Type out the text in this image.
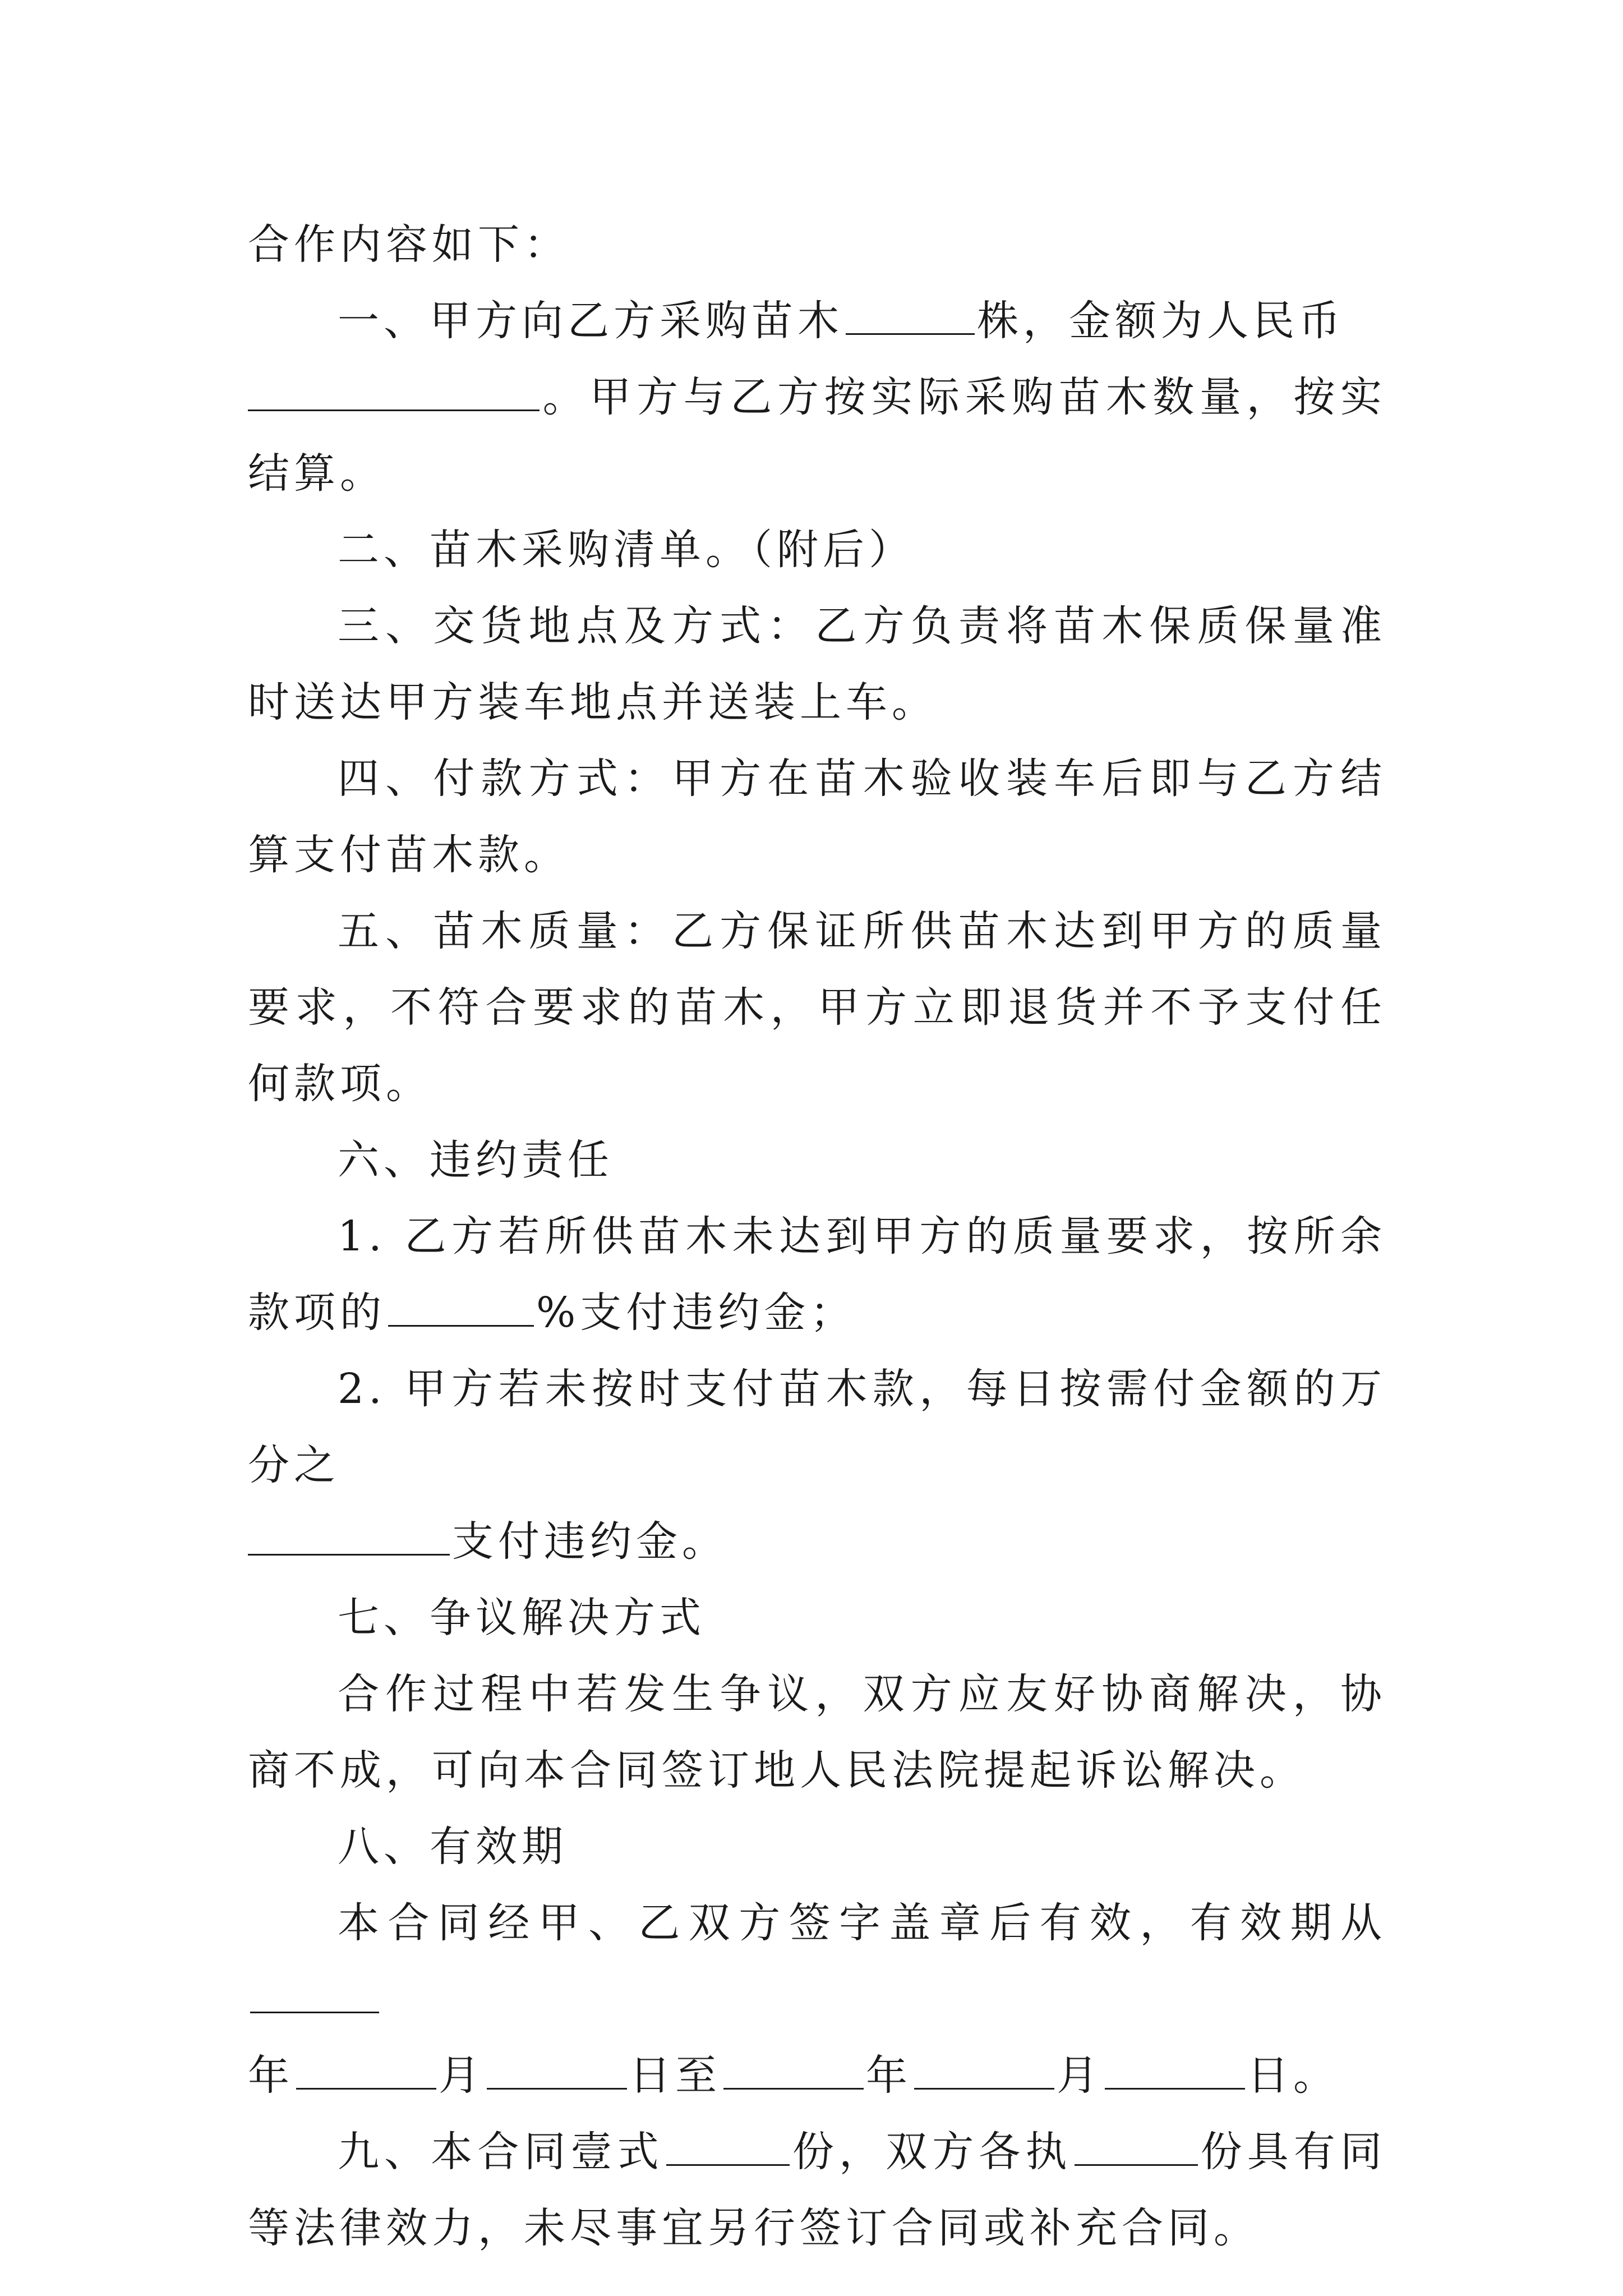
合作内容如下：

一、甲方向乙方采购苗木	株，金额为人民币
。甲方与乙方按实际采购苗木数量，按实结算。

二、苗木采购清单。（附后）

三、交货地点及方式：乙方负责将苗木保质保量准时送达甲方装车地点并送装上车。

四、付款方式：甲方在苗木验收装车后即与乙方结算支付苗木款。

五、苗木质量：乙方保证所供苗木达到甲方的质量要求，不符合要求的苗木，甲方立即退货并不予支付任何款项。

六、违约责任

1. 乙方若所供苗木未达到甲方的质量要求，按所余款项的	%支付违约金；

2. 甲方若未按时支付苗木款，每日按需付金额的万分之
支付违约金。

七、争议解决方式

合作过程中若发生争议，双方应友好协商解决，协商不成，可向本合同签订地人民法院提起诉讼解决。

八、有效期

本合同经甲、乙双方签字盖章后有效，有效期从
年	月	日至	年	月	日。

九、本合同壹式	份，双方各执	份具有同等法律效力，未尽事宜另行签订合同或补充合同。
